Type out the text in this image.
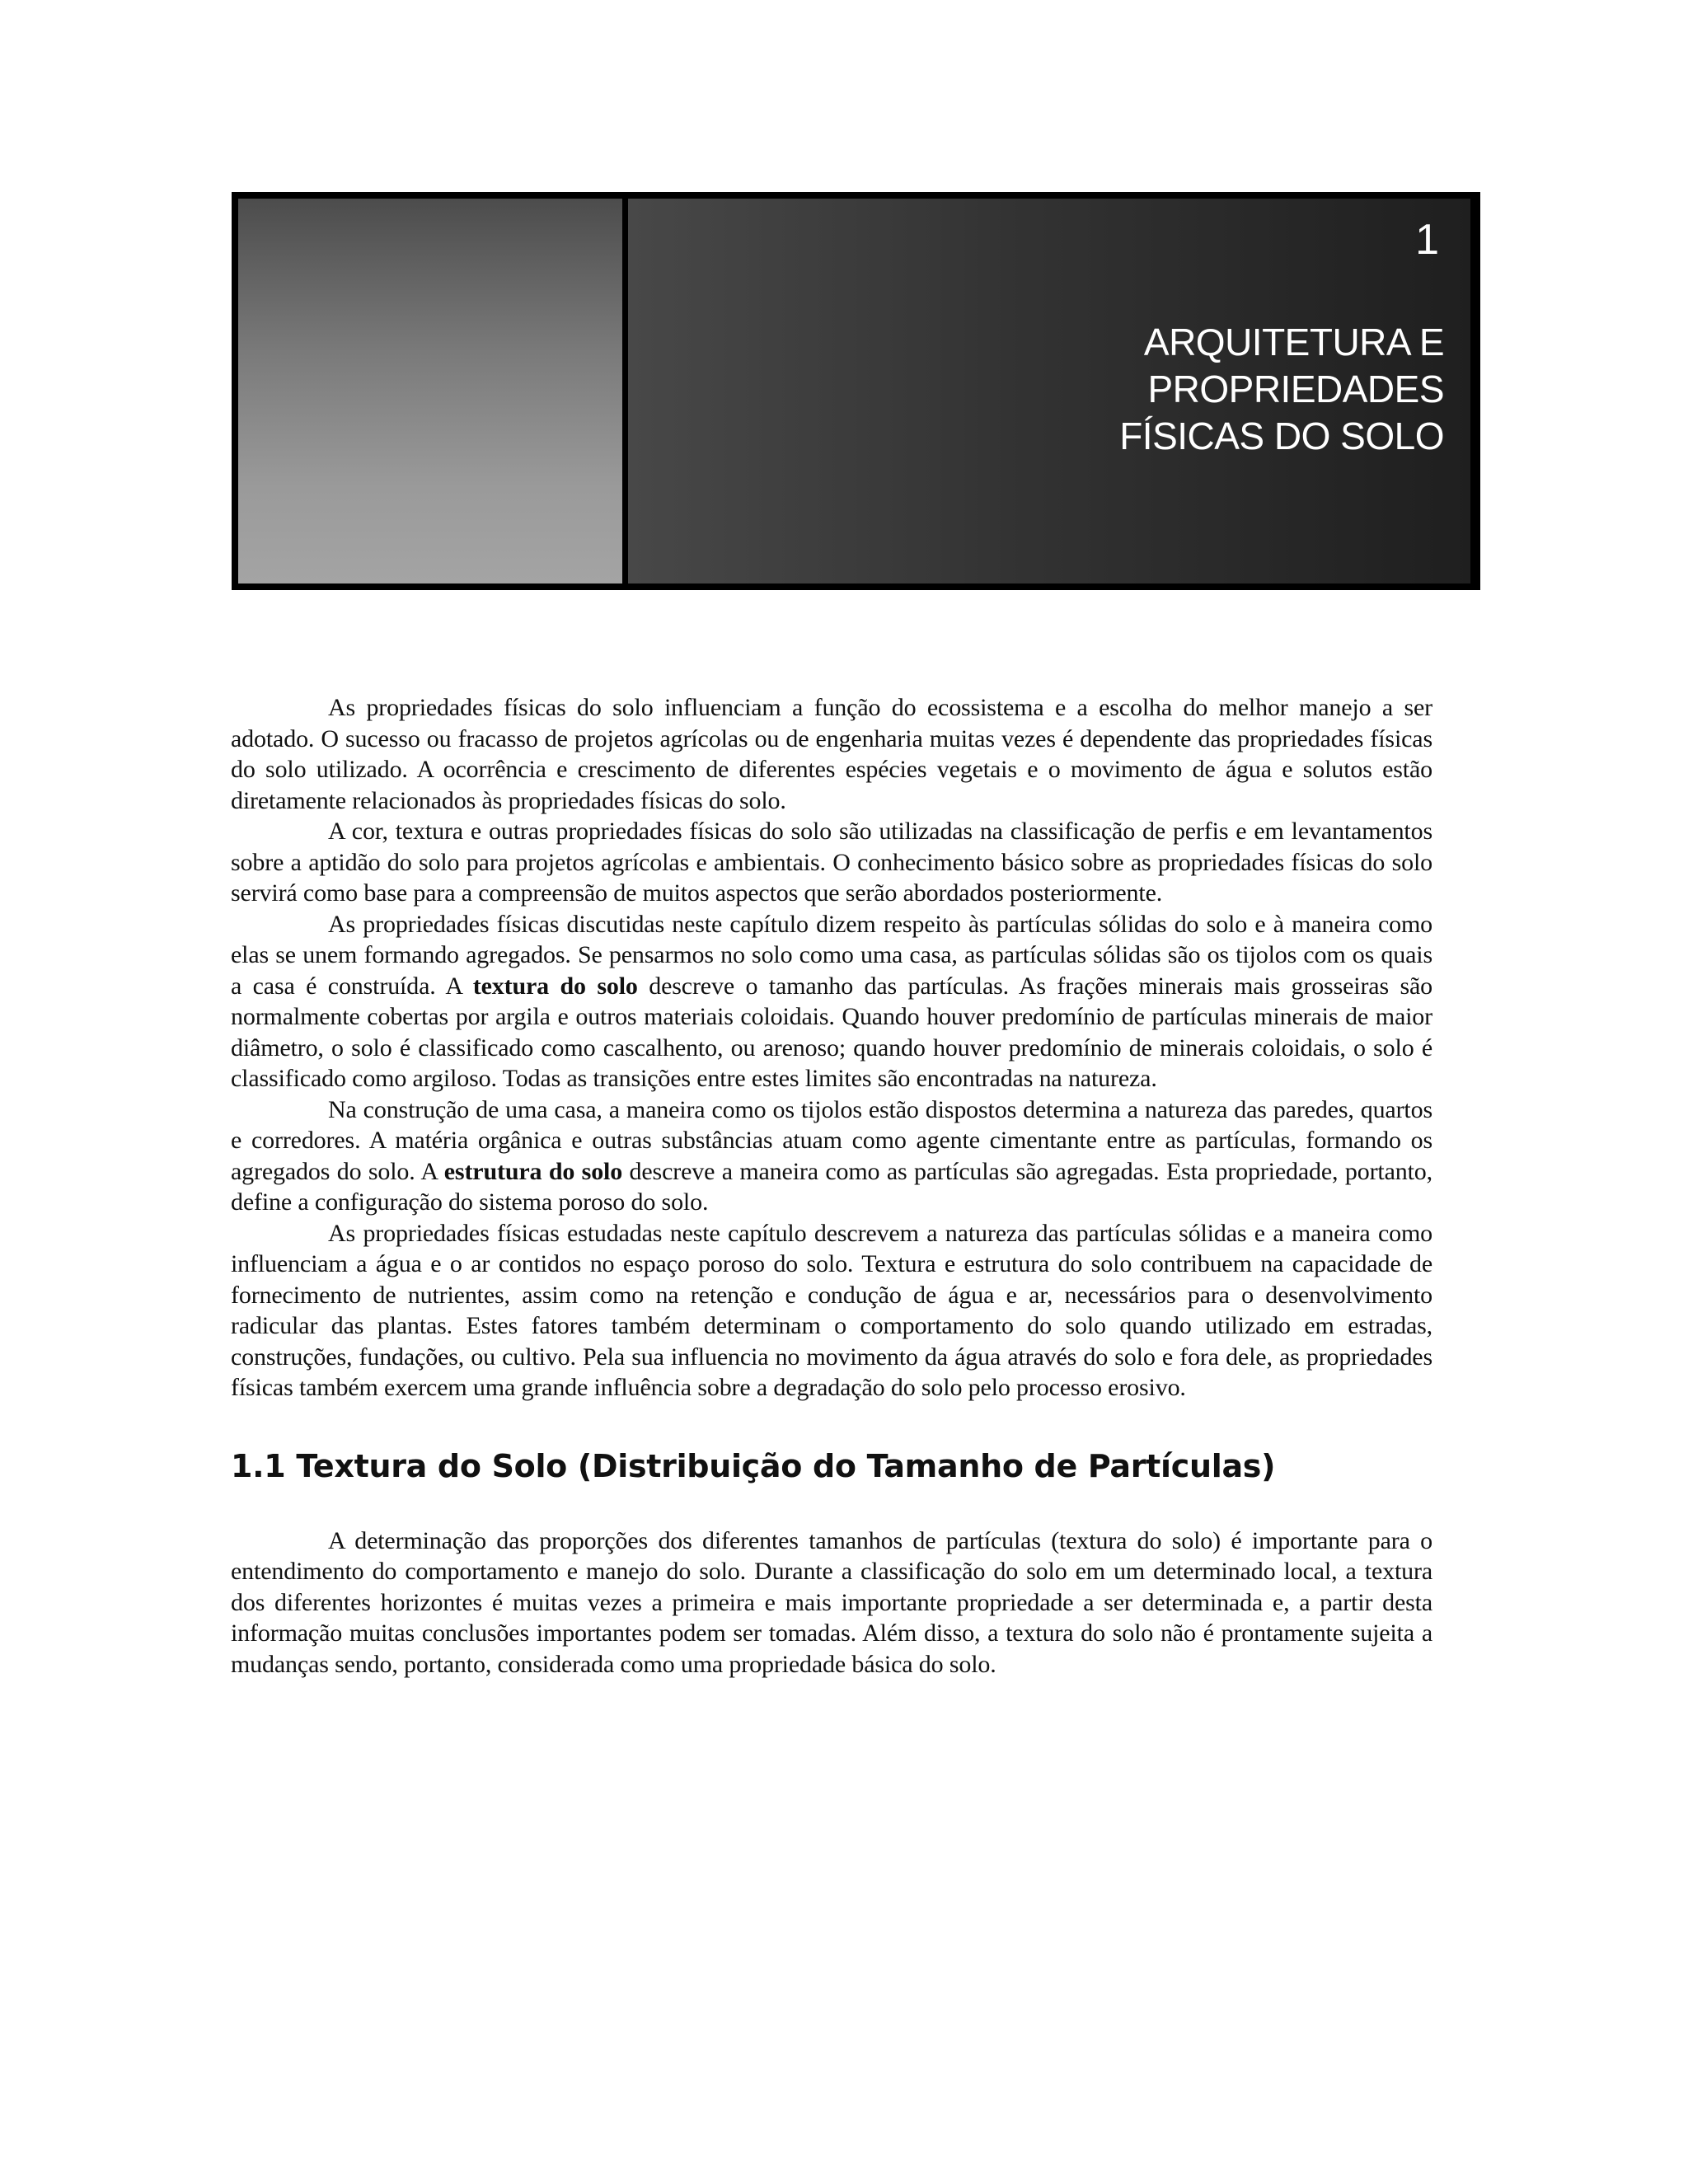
1
ARQUITETURA E
PROPRIEDADES
FÍSICAS DO SOLO

As propriedades físicas do solo influenciam a função do ecossistema e a escolha do melhor manejo a ser adotado. O sucesso ou fracasso de projetos agrícolas ou de engenharia muitas vezes é dependente das propriedades físicas do solo utilizado. A ocorrência e crescimento de diferentes espécies vegetais e o movimento de água e solutos estão diretamente relacionados às propriedades físicas do solo.

A cor, textura e outras propriedades físicas do solo são utilizadas na classificação de perfis e em levantamentos sobre a aptidão do solo para projetos agrícolas e ambientais. O conhecimento básico sobre as propriedades físicas do solo servirá como base para a compreensão de muitos aspectos que serão abordados posteriormente.

As propriedades físicas discutidas neste capítulo dizem respeito às partículas sólidas do solo e à maneira como elas se unem formando agregados. Se pensarmos no solo como uma casa, as partículas sólidas são os tijolos com os quais a casa é construída. A textura do solo descreve o tamanho das partículas. As frações minerais mais grosseiras são normalmente cobertas por argila e outros materiais coloidais. Quando houver predomínio de partículas minerais de maior diâmetro, o solo é classificado como cascalhento, ou arenoso; quando houver predomínio de minerais coloidais, o solo é classificado como argiloso. Todas as transições entre estes limites são encontradas na natureza.

Na construção de uma casa, a maneira como os tijolos estão dispostos determina a natureza das paredes, quartos e corredores. A matéria orgânica e outras substâncias atuam como agente cimentante entre as partículas, formando os agregados do solo. A estrutura do solo descreve a maneira como as partículas são agregadas. Esta propriedade, portanto, define a configuração do sistema poroso do solo.

As propriedades físicas estudadas neste capítulo descrevem a natureza das partículas sólidas e a maneira como influenciam a água e o ar contidos no espaço poroso do solo. Textura e estrutura do solo contribuem na capacidade de fornecimento de nutrientes, assim como na retenção e condução de água e ar, necessários para o desenvolvimento radicular das plantas. Estes fatores também determinam o comportamento do solo quando utilizado em estradas, construções, fundações, ou cultivo. Pela sua influencia no movimento da água através do solo e fora dele, as propriedades físicas também exercem uma grande influência sobre a degradação do solo pelo processo erosivo.

1.1 Textura do Solo (Distribuição do Tamanho de Partículas)

A determinação das proporções dos diferentes tamanhos de partículas (textura do solo) é importante para o entendimento do comportamento e manejo do solo. Durante a classificação do solo em um determinado local, a textura dos diferentes horizontes é muitas vezes a primeira e mais importante propriedade a ser determinada e, a partir desta informação muitas conclusões importantes podem ser tomadas. Além disso, a textura do solo não é prontamente sujeita a mudanças sendo, portanto, considerada como uma propriedade básica do solo.
